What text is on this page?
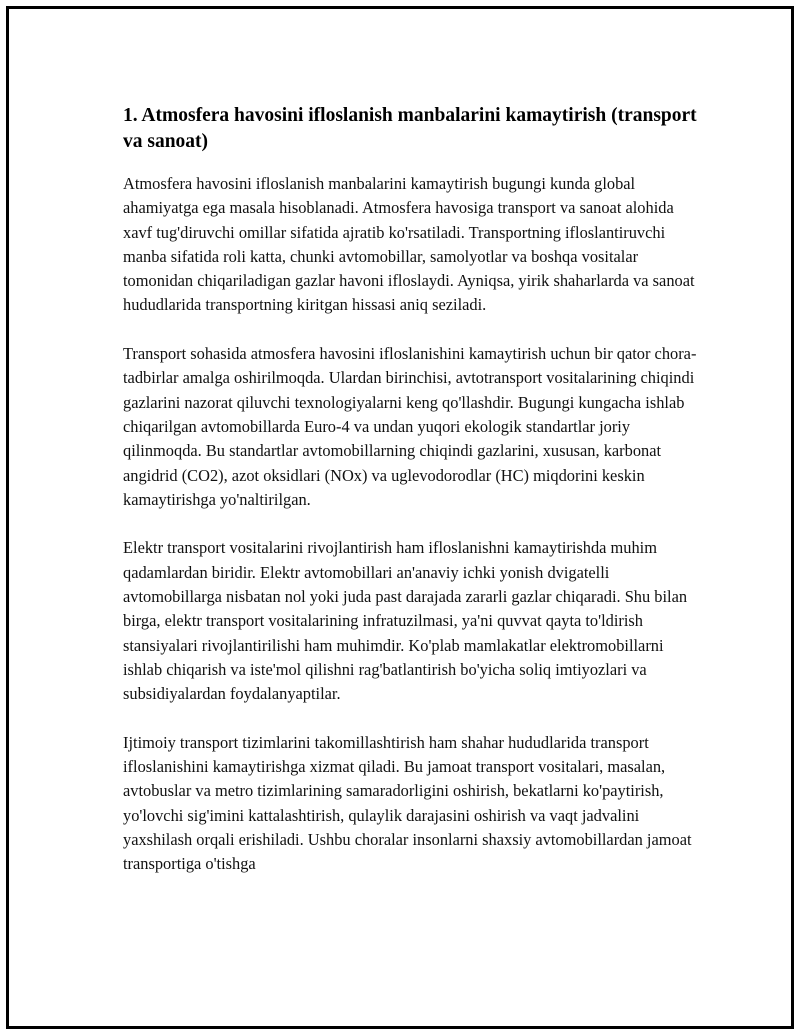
1. Atmosfera havosini ifloslanish manbalarini kamaytirish (transport va sanoat)

Atmosfera havosini ifloslanish manbalarini kamaytirish bugungi kunda global ahamiyatga ega masala hisoblanadi. Atmosfera havosiga transport va sanoat alohida xavf tug'diruvchi omillar sifatida ajratib ko'rsatiladi. Transportning ifloslantiruvchi manba sifatida roli katta, chunki avtomobillar, samolyotlar va boshqa vositalar tomonidan chiqariladigan gazlar havoni ifloslaydi. Ayniqsa, yirik shaharlarda va sanoat hududlarida transportning kiritgan hissasi aniq seziladi.

Transport sohasida atmosfera havosini ifloslanishini kamaytirish uchun bir qator chora-tadbirlar amalga oshirilmoqda. Ulardan birinchisi, avtotransport vositalarining chiqindi gazlarini nazorat qiluvchi texnologiyalarni keng qo'llashdir. Bugungi kungacha ishlab chiqarilgan avtomobillarda Euro-4 va undan yuqori ekologik standartlar joriy qilinmoqda. Bu standartlar avtomobillarning chiqindi gazlarini, xususan, karbonat angidrid (CO2), azot oksidlari (NOx) va uglevodorodlar (HC) miqdorini keskin kamaytirishga yo'naltirilgan.

Elektr transport vositalarini rivojlantirish ham ifloslanishni kamaytirishda muhim qadamlardan biridir. Elektr avtomobillari an'anaviy ichki yonish dvigatelli avtomobillarga nisbatan nol yoki juda past darajada zararli gazlar chiqaradi. Shu bilan birga, elektr transport vositalarining infratuzilmasi, ya'ni quvvat qayta to'ldirish stansiyalari rivojlantirilishi ham muhimdir. Ko'plab mamlakatlar elektromobillarni ishlab chiqarish va iste'mol qilishni rag'batlantirish bo'yicha soliq imtiyozlari va subsidiyalardan foydalanyaptilar.

Ijtimoiy transport tizimlarini takomillashtirish ham shahar hududlarida transport ifloslanishini kamaytirishga xizmat qiladi. Bu jamoat transport vositalari, masalan, avtobuslar va metro tizimlarining samaradorligini oshirish, bekatlarni ko'paytirish, yo'lovchi sig'imini kattalashtirish, qulaylik darajasini oshirish va vaqt jadvalini yaxshilash orqali erishiladi. Ushbu choralar insonlarni shaxsiy avtomobillardan jamoat transportiga o'tishga
